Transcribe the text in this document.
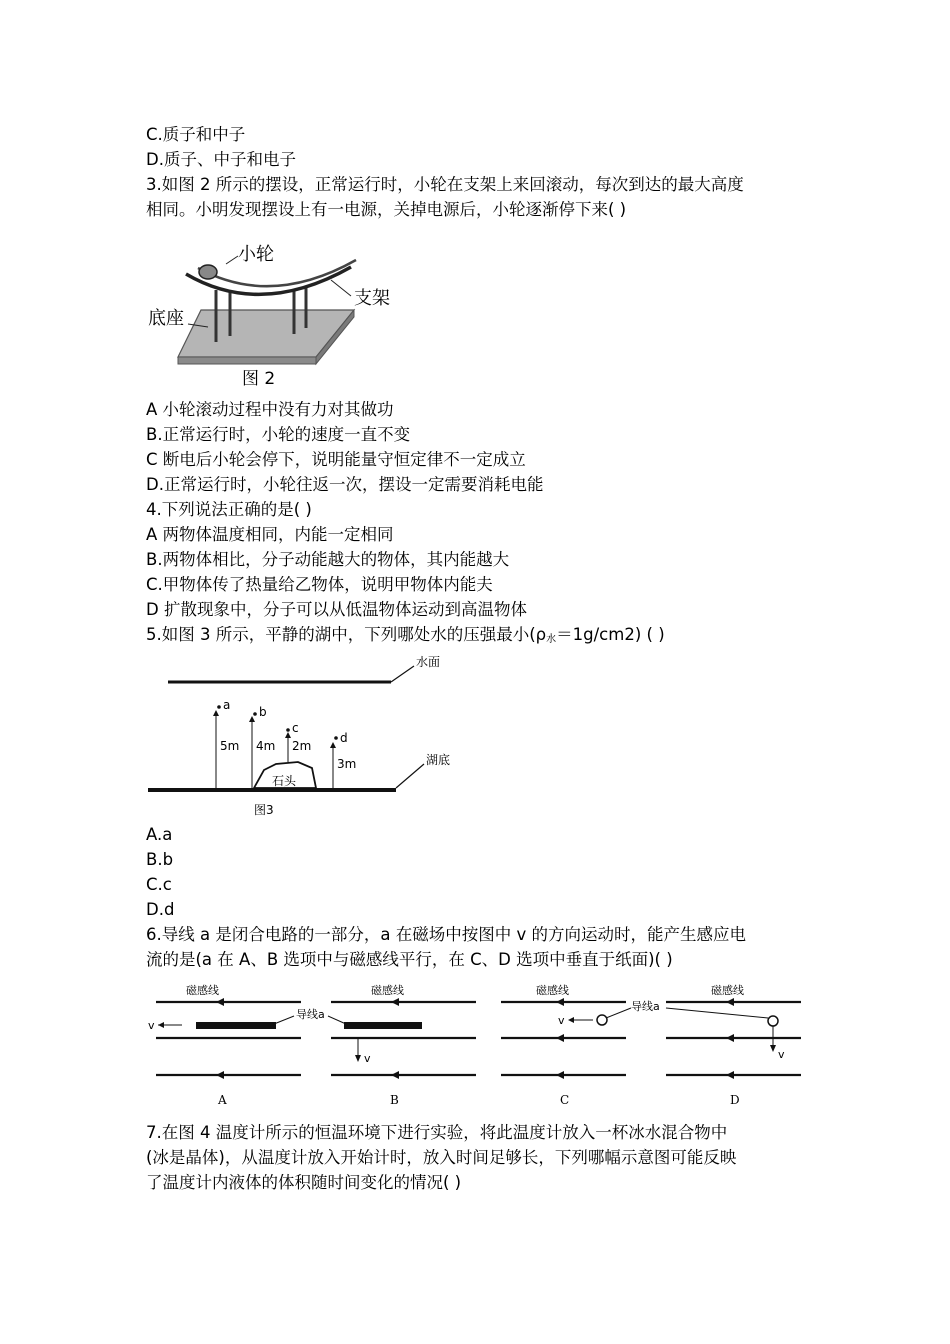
C.质子和中子
D.质子、中子和电子
3.如图 2 所示的摆设，正常运行时，小轮在支架上来回滚动，每次到达的最大高度
相同。小明发现摆设上有一电源，关掉电源后，小轮逐渐停下来( )
小轮
支架
底座
图 2
A 小轮滚动过程中没有力对其做功
B.正常运行时，小轮的速度一直不变
C 断电后小轮会停下，说明能量守恒定律不一定成立
D.正常运行时，小轮往返一次，摆设一定需要消耗电能
4.下列说法正确的是( )
A 两物体温度相同，内能一定相同
B.两物体相比，分子动能越大的物体，其内能越大
C.甲物体传了热量给乙物体，说明甲物体内能夫
D 扩散现象中，分子可以从低温物体运动到高温物体
5.如图 3 所示，平静的湖中，下列哪处水的压强最小$(\rho_水=1g/cm2)$ ( )
水面
湖底
石头
a
5m
b
4m
c
2m
d
3m
图3
A.a
B.b
C.c
D.d
6.导线 a 是闭合电路的一部分，a 在磁场中按图中 v 的方向运动时，能产生感应电
流的是(a 在 A、B 选项中与磁感线平行，在 C、D 选项中垂直于纸面)( )
磁感线	磁感线
v
v
导线a
A	B
磁感线	磁感线
v
v
导线a
C	D
7.在图 4 温度计所示的恒温环境下进行实验，将此温度计放入一杯冰水混合物中
(冰是晶体)，从温度计放入开始计时，放入时间足够长，下列哪幅示意图可能反映
了温度计内液体的体积随时间变化的情况( )
